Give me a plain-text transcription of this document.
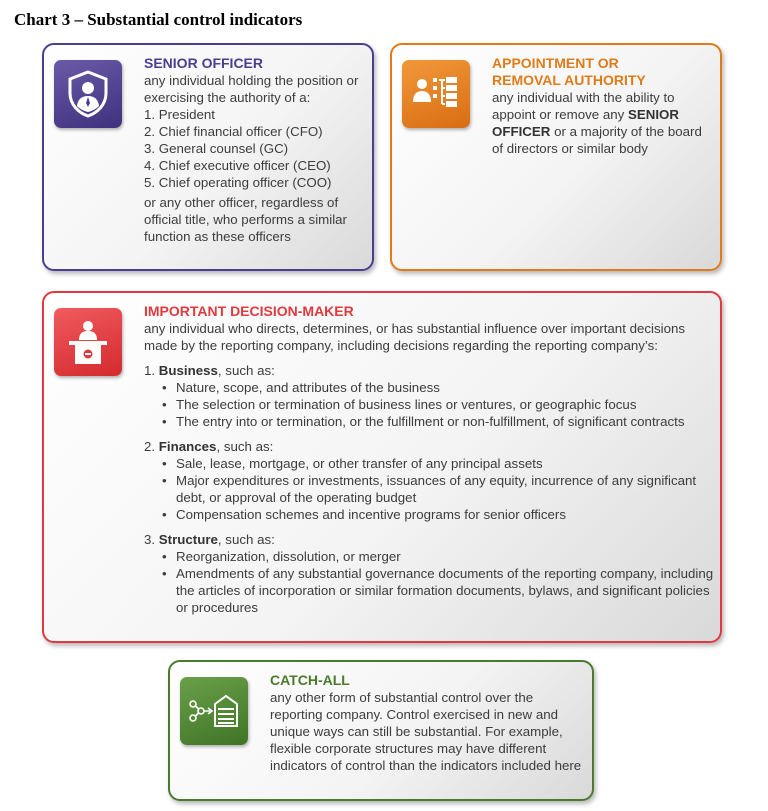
Chart 3 – Substantial control indicators

SENIOR OFFICER

any individual holding the position or exercising the authority of a:

1. President
2. Chief financial officer (CFO)
3. General counsel (GC)
4. Chief executive officer (CEO)
5. Chief operating officer (COO)

or any other officer, regardless of official title, who performs a similar function as these officers

APPOINTMENT OR

REMOVAL AUTHORITY

any individual with the ability to appoint or remove any SENIOR OFFICER or a majority of the board of directors or similar body

IMPORTANT DECISION-MAKER

any individual who directs, determines, or has substantial influence over important decisions made by the reporting company, including decisions regarding the reporting company’s:

1. Business, such as:

• Nature, scope, and attributes of the business
• The selection or termination of business lines or ventures, or geographic focus
• The entry into or termination, or the fulfillment or non-fulfillment, of significant contracts

2. Finances, such as:

• Sale, lease, mortgage, or other transfer of any principal assets
• Major expenditures or investments, issuances of any equity, incurrence of any significant debt, or approval of the operating budget
• Compensation schemes and incentive programs for senior officers

3. Structure, such as:

• Reorganization, dissolution, or merger
• Amendments of any substantial governance documents of the reporting company, including the articles of incorporation or similar formation documents, bylaws, and significant policies or procedures

CATCH-ALL

any other form of substantial control over the reporting company. Control exercised in new and unique ways can still be substantial. For example, flexible corporate structures may have different indicators of control than the indicators included here
